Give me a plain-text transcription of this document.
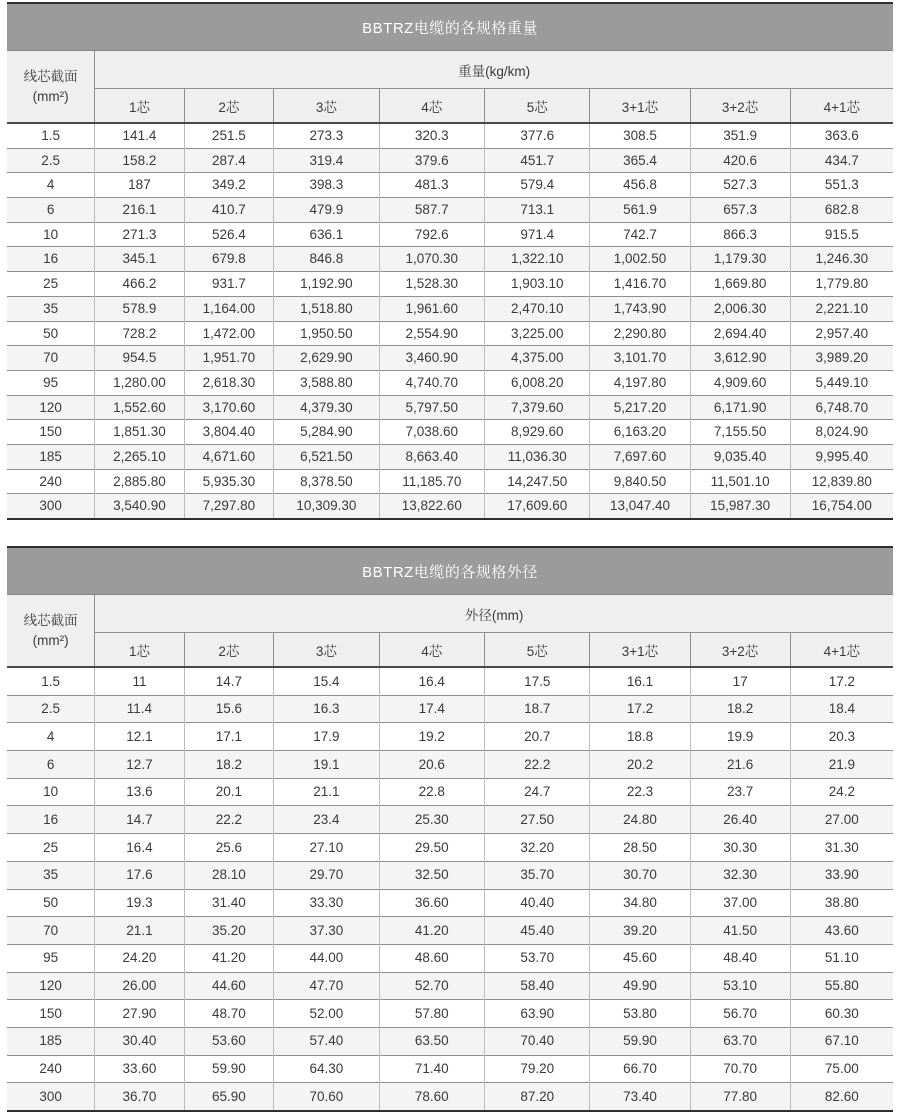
BBTRZ电缆的各规格重量
线芯截面
(mm²)	重量(kg/km)							
	1芯	2芯	3芯	4芯	5芯	3+1芯	3+2芯	4+1芯
1.5	141.4	251.5	273.3	320.3	377.6	308.5	351.9	363.6
2.5	158.2	287.4	319.4	379.6	451.7	365.4	420.6	434.7
4	187	349.2	398.3	481.3	579.4	456.8	527.3	551.3
6	216.1	410.7	479.9	587.7	713.1	561.9	657.3	682.8
10	271.3	526.4	636.1	792.6	971.4	742.7	866.3	915.5
16	345.1	679.8	846.8	1,070.30	1,322.10	1,002.50	1,179.30	1,246.30
25	466.2	931.7	1,192.90	1,528.30	1,903.10	1,416.70	1,669.80	1,779.80
35	578.9	1,164.00	1,518.80	1,961.60	2,470.10	1,743.90	2,006.30	2,221.10
50	728.2	1,472.00	1,950.50	2,554.90	3,225.00	2,290.80	2,694.40	2,957.40
70	954.5	1,951.70	2,629.90	3,460.90	4,375.00	3,101.70	3,612.90	3,989.20
95	1,280.00	2,618.30	3,588.80	4,740.70	6,008.20	4,197.80	4,909.60	5,449.10
120	1,552.60	3,170.60	4,379.30	5,797.50	7,379.60	5,217.20	6,171.90	6,748.70
150	1,851.30	3,804.40	5,284.90	7,038.60	8,929.60	6,163.20	7,155.50	8,024.90
185	2,265.10	4,671.60	6,521.50	8,663.40	11,036.30	7,697.60	9,035.40	9,995.40
240	2,885.80	5,935.30	8,378.50	11,185.70	14,247.50	9,840.50	11,501.10	12,839.80
300	3,540.90	7,297.80	10,309.30	13,822.60	17,609.60	13,047.40	15,987.30	16,754.00
BBTRZ电缆的各规格外径
线芯截面
(mm²)	外径(mm)							
	1芯	2芯	3芯	4芯	5芯	3+1芯	3+2芯	4+1芯
1.5	11	14.7	15.4	16.4	17.5	16.1	17	17.2
2.5	11.4	15.6	16.3	17.4	18.7	17.2	18.2	18.4
4	12.1	17.1	17.9	19.2	20.7	18.8	19.9	20.3
6	12.7	18.2	19.1	20.6	22.2	20.2	21.6	21.9
10	13.6	20.1	21.1	22.8	24.7	22.3	23.7	24.2
16	14.7	22.2	23.4	25.30	27.50	24.80	26.40	27.00
25	16.4	25.6	27.10	29.50	32.20	28.50	30.30	31.30
35	17.6	28.10	29.70	32.50	35.70	30.70	32.30	33.90
50	19.3	31.40	33.30	36.60	40.40	34.80	37.00	38.80
70	21.1	35.20	37.30	41.20	45.40	39.20	41.50	43.60
95	24.20	41.20	44.00	48.60	53.70	45.60	48.40	51.10
120	26.00	44.60	47.70	52.70	58.40	49.90	53.10	55.80
150	27.90	48.70	52.00	57.80	63.90	53.80	56.70	60.30
185	30.40	53.60	57.40	63.50	70.40	59.90	63.70	67.10
240	33.60	59.90	64.30	71.40	79.20	66.70	70.70	75.00
300	36.70	65.90	70.60	78.60	87.20	73.40	77.80	82.60
